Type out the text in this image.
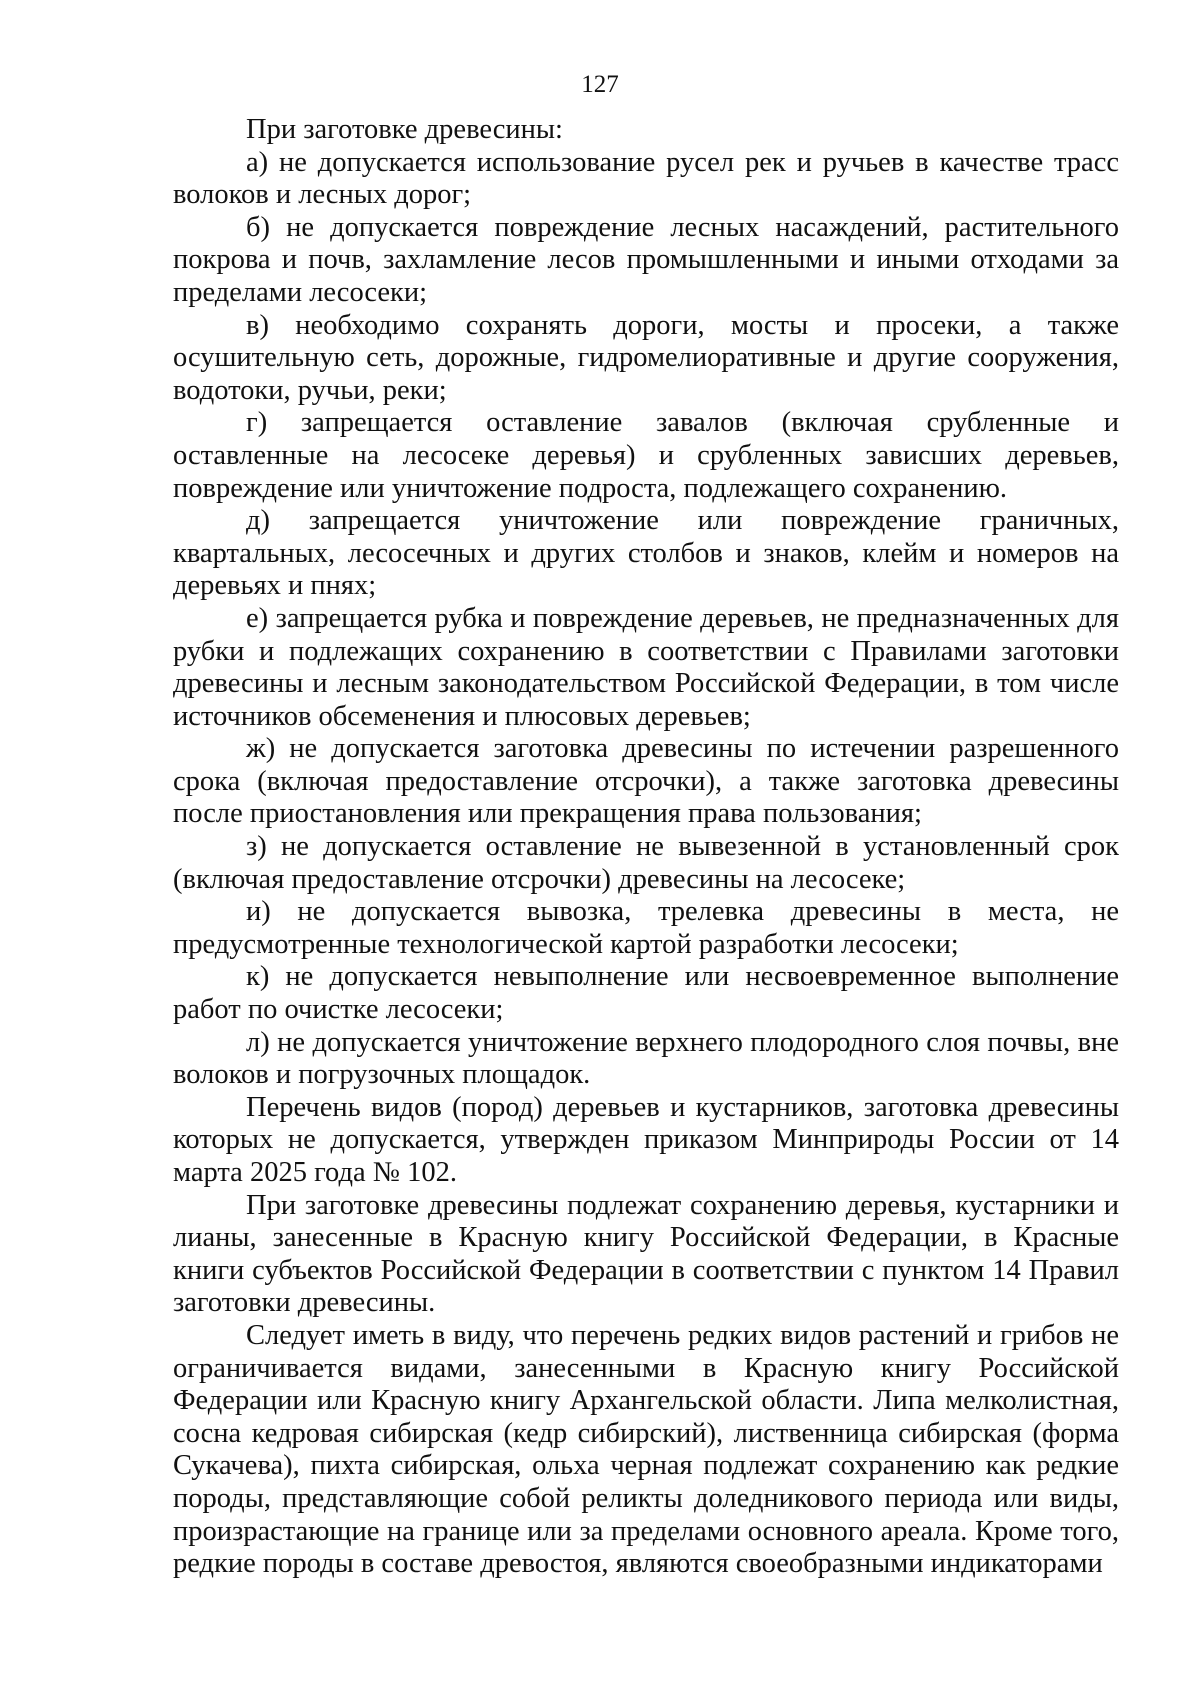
127

При заготовке древесины:

а) не допускается использование русел рек и ручьев в качестве трасс волоков и лесных дорог;

б) не допускается повреждение лесных насаждений, растительного покрова и почв, захламление лесов промышленными и иными отходами за пределами лесосеки;

в) необходимо сохранять дороги, мосты и просеки, а также осушительную сеть, дорожные, гидромелиоративные и другие сооружения, водотоки, ручьи, реки;

г) запрещается оставление завалов (включая срубленные и оставленные на лесосеке деревья) и срубленных зависших деревьев, повреждение или уничтожение подроста, подлежащего сохранению.

д) запрещается уничтожение или повреждение граничных, квартальных, лесосечных и других столбов и знаков, клейм и номеров на деревьях и пнях;

е) запрещается рубка и повреждение деревьев, не предназначенных для рубки и подлежащих сохранению в соответствии с Правилами заготовки древесины и лесным законодательством Российской Федерации, в том числе источников обсеменения и плюсовых деревьев;

ж) не допускается заготовка древесины по истечении разрешенного срока (включая предоставление отсрочки), а также заготовка древесины после приостановления или прекращения права пользования;

з) не допускается оставление не вывезенной в установленный срок (включая предоставление отсрочки) древесины на лесосеке;

и) не допускается вывозка, трелевка древесины в места, не предусмотренные технологической картой разработки лесосеки;

к) не допускается невыполнение или несвоевременное выполнение работ по очистке лесосеки;

л) не допускается уничтожение верхнего плодородного слоя почвы, вне волоков и погрузочных площадок.

Перечень видов (пород) деревьев и кустарников, заготовка древесины которых не допускается, утвержден приказом Минприроды России от 14 марта 2025 года № 102.

При заготовке древесины подлежат сохранению деревья, кустарники и лианы, занесенные в Красную книгу Российской Федерации, в Красные книги субъектов Российской Федерации в соответствии с пунктом 14 Правил заготовки древесины.

Следует иметь в виду, что перечень редких видов растений и грибов не ограничивается видами, занесенными в Красную книгу Российской Федерации или Красную книгу Архангельской области. Липа мелколистная, сосна кедровая сибирская (кедр сибирский), лиственница сибирская (форма Сукачева), пихта сибирская, ольха черная подлежат сохранению как редкие породы, представляющие собой реликты доледникового периода или виды, произрастающие на границе или за пределами основного ареала. Кроме того, редкие породы в составе древостоя, являются своеобразными индикаторами
